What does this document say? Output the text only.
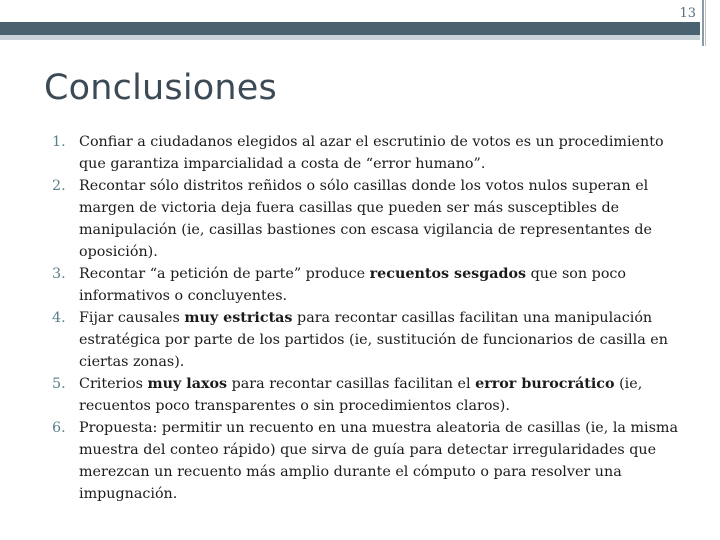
13
Conclusiones
1. Confiar a ciudadanos elegidos al azar el escrutinio de votos es un procedimiento que garantiza imparcialidad a costa de “error humano”.
2. Recontar sólo distritos reñidos o sólo casillas donde los votos nulos superan el margen de victoria deja fuera casillas que pueden ser más susceptibles de manipulación (ie, casillas bastiones con escasa vigilancia de representantes de oposición).
3. Recontar “a petición de parte” produce recuentos sesgados que son poco informativos o concluyentes.
4. Fijar causales muy estrictas para recontar casillas facilitan una manipulación estratégica por parte de los partidos (ie, sustitución de funcionarios de casilla en ciertas zonas).
5. Criterios muy laxos para recontar casillas facilitan el error burocrático (ie, recuentos poco transparentes o sin procedimientos claros).
6. Propuesta: permitir un recuento en una muestra aleatoria de casillas (ie, la misma muestra del conteo rápido) que sirva de guía para detectar irregularidades que merezcan un recuento más amplio durante el cómputo o para resolver una impugnación.
